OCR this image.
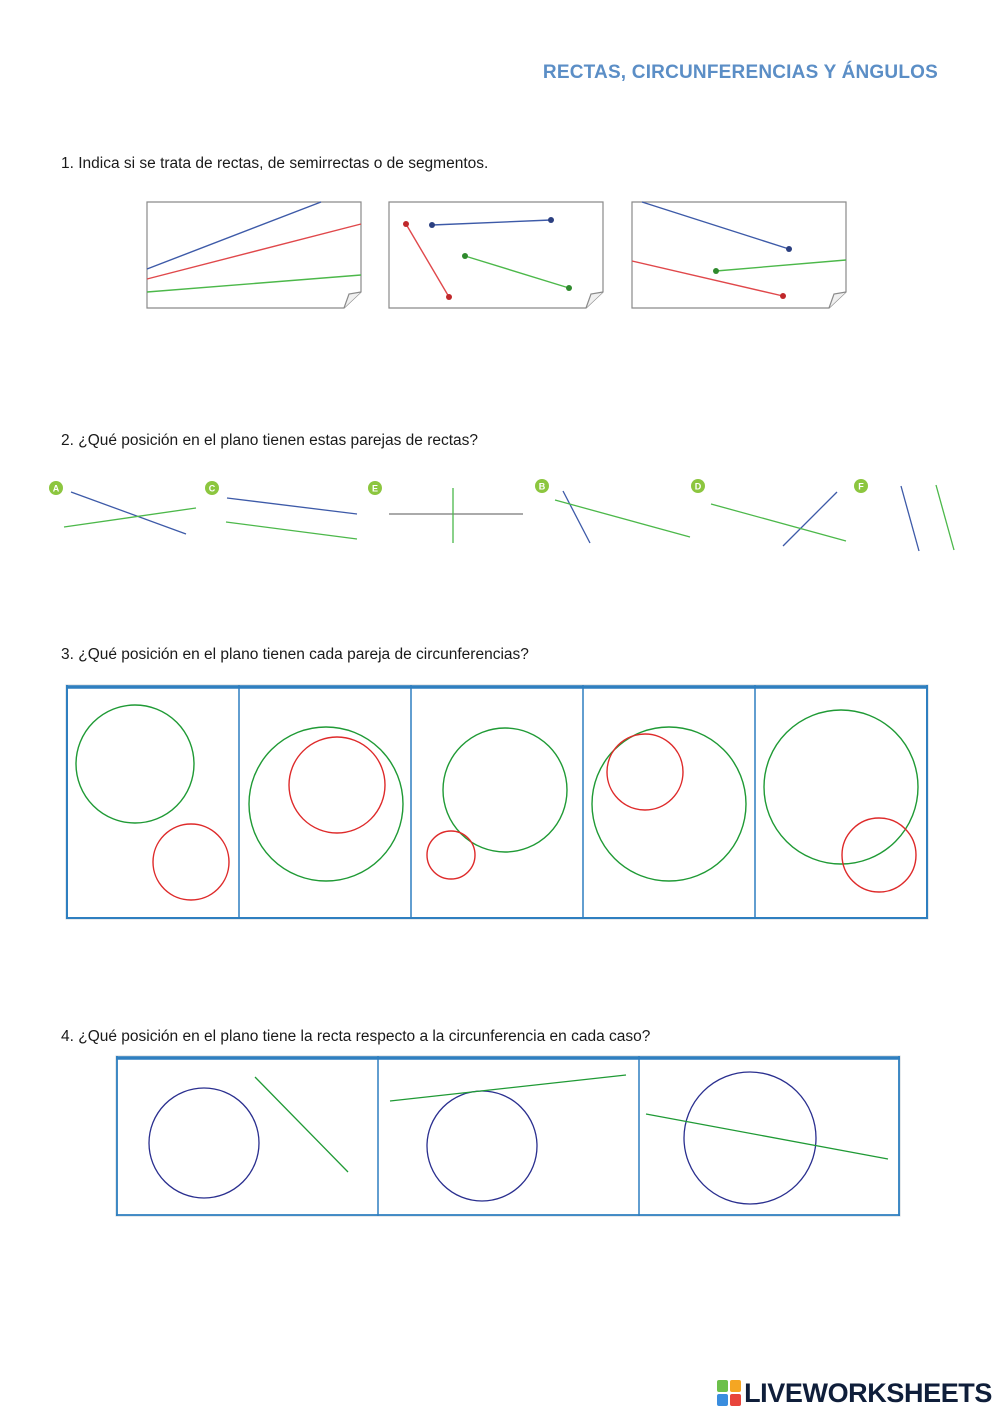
RECTAS, CIRCUNFERENCIAS Y ÁNGULOS

1. Indica si se trata de rectas, de semirrectas o de segmentos.

2. ¿Qué posición en el plano tienen estas parejas de rectas?

A	C	E	B	D	F

3. ¿Qué posición en el plano tienen cada pareja de circunferencias?

4. ¿Qué posición en el plano tiene la recta respecto a la circunferencia en cada caso?

LIVEWORKSHEETS
